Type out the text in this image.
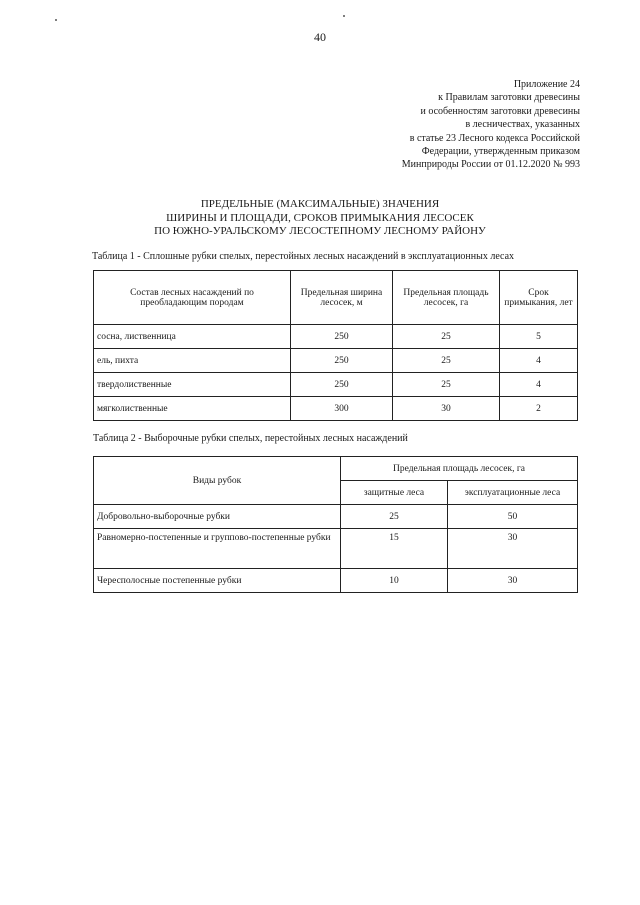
40
Приложение 24
к Правилам заготовки древесины
и особенностям заготовки древесины
в лесничествах, указанных
в статье 23 Лесного кодекса Российской
Федерации, утвержденным приказом
Минприроды России от 01.12.2020 № 993
ПРЕДЕЛЬНЫЕ (МАКСИМАЛЬНЫЕ) ЗНАЧЕНИЯ
ШИРИНЫ И ПЛОЩАДИ, СРОКОВ ПРИМЫКАНИЯ ЛЕСОСЕК
ПО ЮЖНО-УРАЛЬСКОМУ ЛЕСОСТЕПНОМУ ЛЕСНОМУ РАЙОНУ
Таблица 1 - Сплошные рубки спелых, перестойных лесных насаждений в эксплуатационных лесах
Состав лесных насаждений по преобладающим породам	Предельная ширина лесосек, м	Предельная площадь лесосек, га	Срок примыкания, лет
сосна, лиственница	250	25	5
ель, пихта	250	25	4
твердолиственные	250	25	4
мягколиственные	300	30	2
Таблица 2 - Выборочные рубки спелых, перестойных лесных насаждений
Виды рубок	Предельная площадь лесосек, га	
	защитные леса	эксплуатационные леса
Добровольно-выборочные рубки	25	50
Равномерно-постепенные и группово-постепенные рубки	15	30
Чересполосные постепенные рубки	10	30
